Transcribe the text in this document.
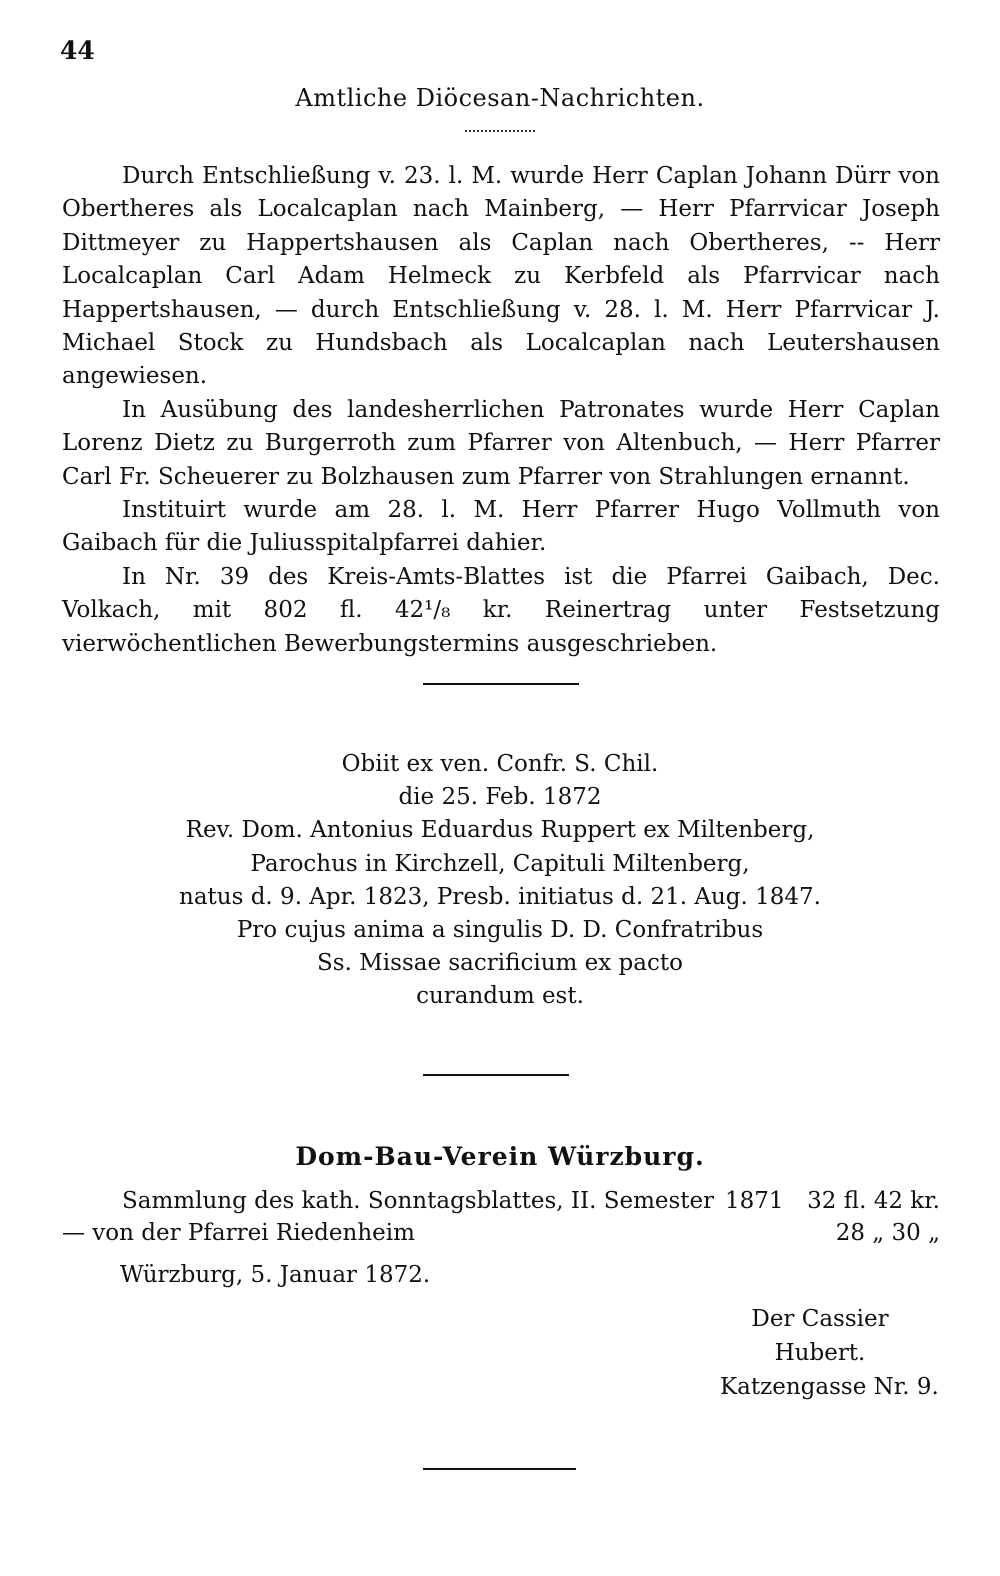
44
Amtliche Diöcesan-Nachrichten.

Durch Entschließung v. 23. l. M. wurde Herr Caplan Johann Dürr von Obertheres als Localcaplan nach Mainberg, — Herr Pfarrvicar Joseph Dittmeyer zu Happertshausen als Caplan nach Obertheres, -- Herr Localcaplan Carl Adam Helmeck zu Kerbfeld als Pfarrvicar nach Happertshausen, — durch Entschließung v. 28. l. M. Herr Pfarrvicar J. Michael Stock zu Hundsbach als Localcaplan nach Leutershausen angewiesen.

In Ausübung des landesherrlichen Patronates wurde Herr Caplan Lorenz Dietz zu Burgerroth zum Pfarrer von Altenbuch, — Herr Pfarrer Carl Fr. Scheuerer zu Bolzhausen zum Pfarrer von Strahlungen ernannt.

Instituirt wurde am 28. l. M. Herr Pfarrer Hugo Vollmuth von Gaibach für die Juliusspitalpfarrei dahier.

In Nr. 39 des Kreis-Amts-Blattes ist die Pfarrei Gaibach, Dec. Volkach, mit 802 fl. 42¹/₈ kr. Reinertrag unter Festsetzung vierwöchentlichen Bewerbungstermins ausgeschrieben.

Obiit ex ven. Confr. S. Chil.
die 25. Feb. 1872
Rev. Dom. Antonius Eduardus Ruppert ex Miltenberg,
Parochus in Kirchzell, Capituli Miltenberg,
natus d. 9. Apr. 1823, Presb. initiatus d. 21. Aug. 1847.
Pro cujus anima a singulis D. D. Confratribus
Ss. Missae sacrificium ex pacto
curandum est.
Dom-Bau-Verein Würzburg.
Sammlung des kath. Sonntagsblattes, II. Semester 1871 32 fl. 42 kr.
— von der Pfarrei Riedenheim	28 „ 30 „
Würzburg, 5. Januar 1872.
Der Cassier
Hubert.
Katzengasse Nr. 9.
